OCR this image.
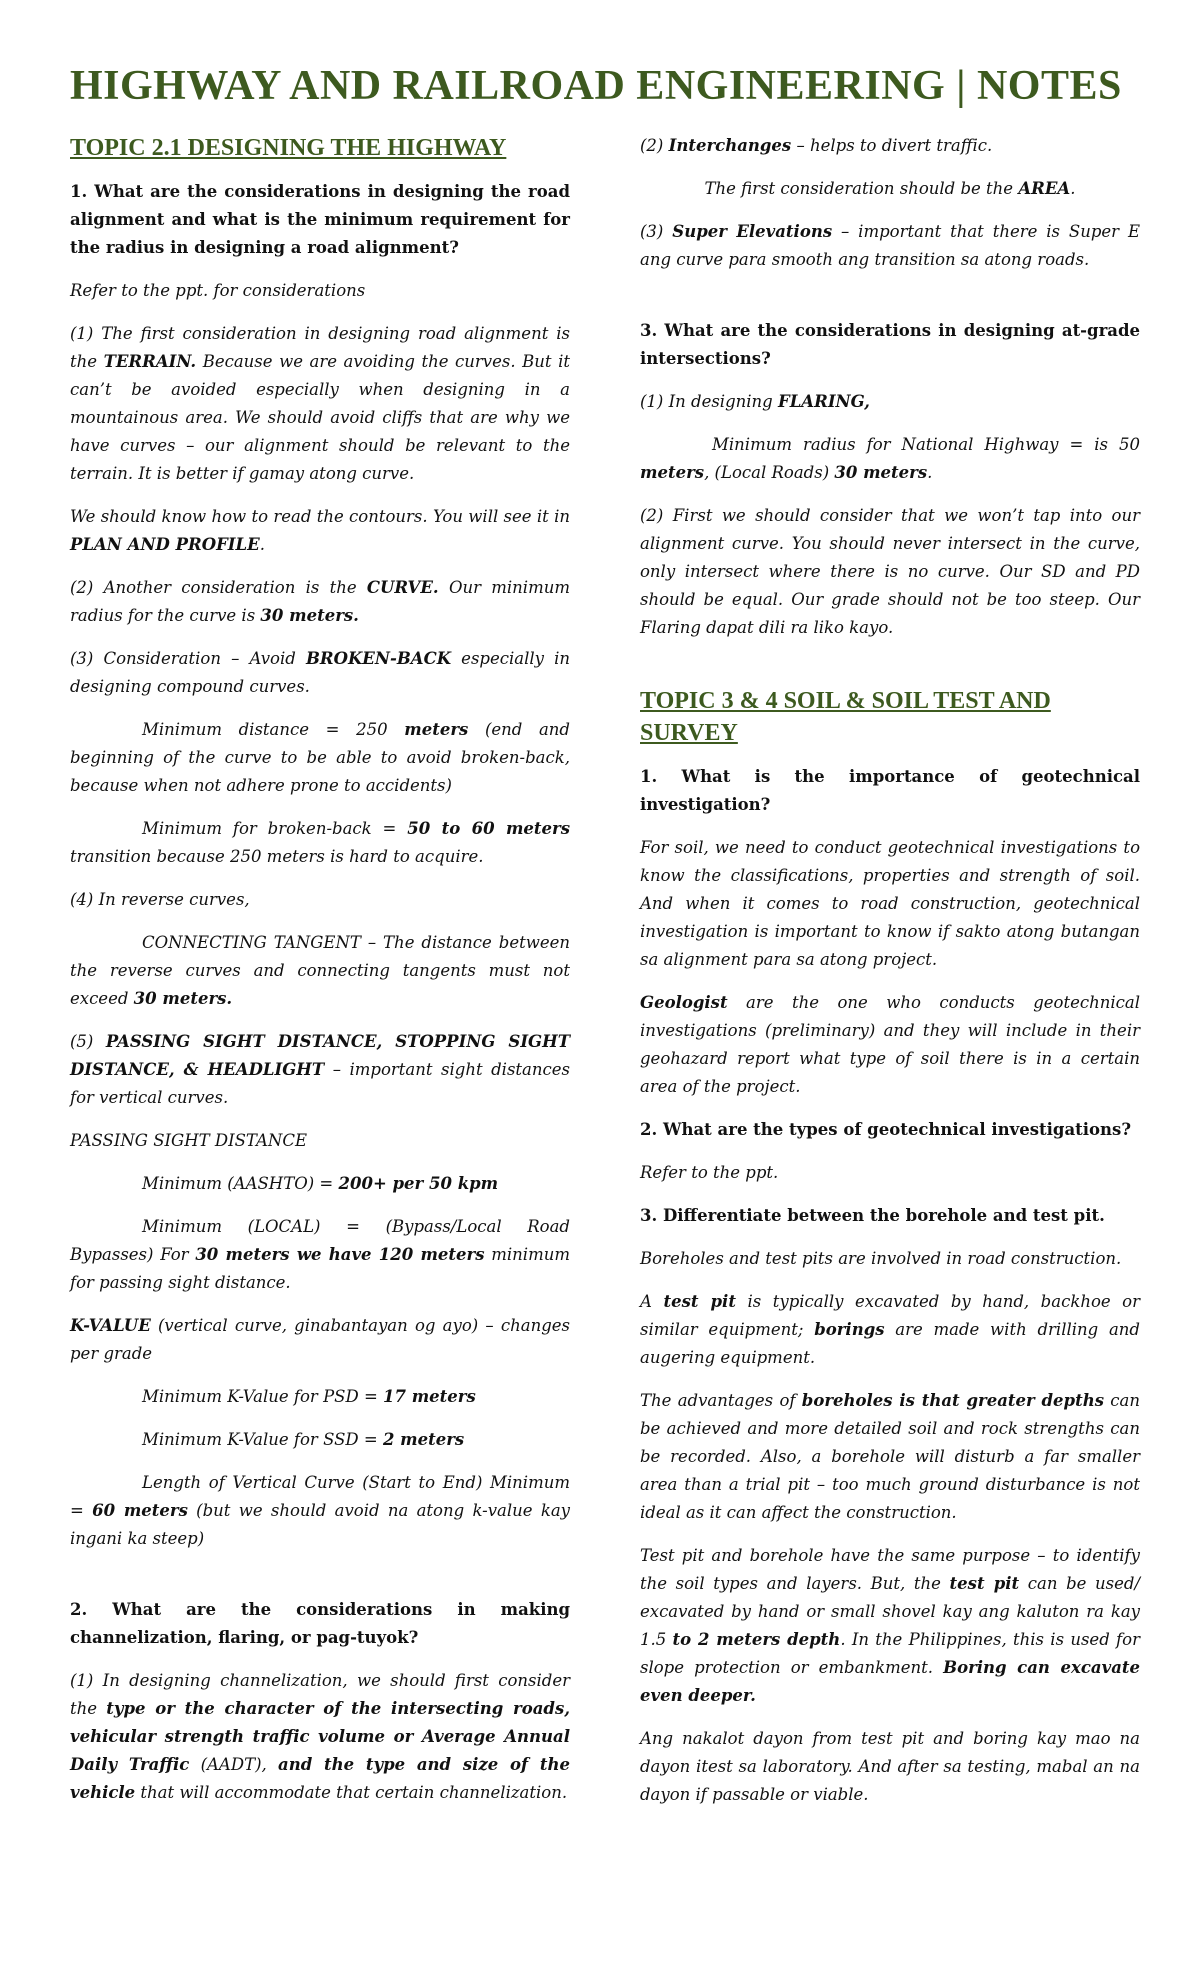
HIGHWAY AND RAILROAD ENGINEERING | NOTES
TOPIC 2.1 DESIGNING THE HIGHWAY

1. What are the considerations in designing the road alignment and what is the minimum requirement for the radius in designing a road alignment?

Refer to the ppt. for considerations

(1) The first consideration in designing road alignment is the TERRAIN. Because we are avoiding the curves. But it can’t be avoided especially when designing in a mountainous area. We should avoid cliffs that are why we have curves – our alignment should be relevant to the terrain. It is better if gamay atong curve.

We should know how to read the contours. You will see it in PLAN AND PROFILE.

(2) Another consideration is the CURVE. Our minimum radius for the curve is 30 meters.

(3) Consideration – Avoid BROKEN-BACK especially in designing compound curves.

Minimum distance = 250 meters (end and beginning of the curve to be able to avoid broken-back, because when not adhere prone to accidents)

Minimum for broken-back = 50 to 60 meters transition because 250 meters is hard to acquire.

(4) In reverse curves,

CONNECTING TANGENT – The distance between the reverse curves and connecting tangents must not exceed 30 meters.

(5) PASSING SIGHT DISTANCE, STOPPING SIGHT DISTANCE, & HEADLIGHT – important sight distances for vertical curves.

PASSING SIGHT DISTANCE

Minimum (AASHTO) = 200+ per 50 kpm

Minimum (LOCAL) = (Bypass/Local Road Bypasses) For 30 meters we have 120 meters minimum for passing sight distance.

K-VALUE (vertical curve, ginabantayan og ayo) – changes per grade

Minimum K-Value for PSD = 17 meters

Minimum K-Value for SSD = 2 meters

Length of Vertical Curve (Start to End) Minimum = 60 meters (but we should avoid na atong k-value kay ingani ka steep)

2. What are the considerations in making channelization, flaring, or pag-tuyok?

(1) In designing channelization, we should first consider the type or the character of the intersecting roads, vehicular strength traffic volume or Average Annual Daily Traffic (AADT), and the type and size of the vehicle that will accommodate that certain channelization.

(2) Interchanges – helps to divert traffic.

The first consideration should be the AREA.

(3) Super Elevations – important that there is Super E ang curve para smooth ang transition sa atong roads.

3. What are the considerations in designing at-grade intersections?

(1) In designing FLARING,

Minimum radius for National Highway = is 50 meters, (Local Roads) 30 meters.

(2) First we should consider that we won’t tap into our alignment curve. You should never intersect in the curve, only intersect where there is no curve. Our SD and PD should be equal. Our grade should not be too steep. Our Flaring dapat dili ra liko kayo.

TOPIC 3 & 4 SOIL & SOIL TEST AND SURVEY

1. What is the importance of geotechnical investigation?

For soil, we need to conduct geotechnical investigations to know the classifications, properties and strength of soil. And when it comes to road construction, geotechnical investigation is important to know if sakto atong butangan sa alignment para sa atong project.

Geologist are the one who conducts geotechnical investigations (preliminary) and they will include in their geohazard report what type of soil there is in a certain area of the project.

2. What are the types of geotechnical investigations?

Refer to the ppt.

3. Differentiate between the borehole and test pit.

Boreholes and test pits are involved in road construction.

A test pit is typically excavated by hand, backhoe or similar equipment; borings are made with drilling and augering equipment.

The advantages of boreholes is that greater depths can be achieved and more detailed soil and rock strengths can be recorded. Also, a borehole will disturb a far smaller area than a trial pit – too much ground disturbance is not ideal as it can affect the construction.

Test pit and borehole have the same purpose – to identify the soil types and layers. But, the test pit can be used/ excavated by hand or small shovel kay ang kaluton ra kay 1.5 to 2 meters depth. In the Philippines, this is used for slope protection or embankment. Boring can excavate even deeper.

Ang nakalot dayon from test pit and boring kay mao na dayon itest sa laboratory. And after sa testing, mabal an na dayon if passable or viable.
